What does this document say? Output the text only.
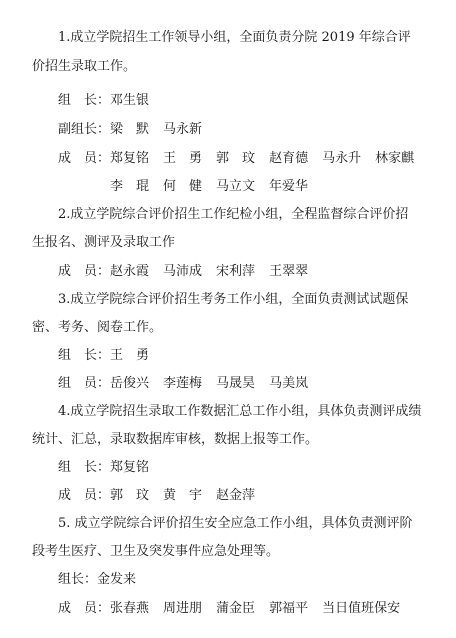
1.成立学院招生工作领导小组，全面负责分院 2019 年综合评
价招生录取工作。
组　长：邓生银
副组长：梁　默 马永新
成　员：郑复铭 王　勇 郭　玟 赵育德 马永升 林家麒
李　琨 何　健 马立文 年爱华
2.成立学院综合评价招生工作纪检小组，全程监督综合评价招
生报名、测评及录取工作
成　员：赵永霞 马沛成 宋利萍 王翠翠
3.成立学院综合评价招生考务工作小组，全面负责测试试题保
密、考务、阅卷工作。
组　长：王　勇
组　员：岳俊兴 李莲梅 马晟昊 马美岚
4.成立学院招生录取工作数据汇总工作小组，具体负责测评成绩
统计、汇总，录取数据库审核，数据上报等工作。
组　长：郑复铭
成　员：郭　玟 黄　宇 赵金萍
5. 成立学院综合评价招生安全应急工作小组，具体负责测评阶
段考生医疗、卫生及突发事件应急处理等。
组长：金发来
成　员：张春燕 周进朋 蒲金臣 郭福平 当日值班保安
